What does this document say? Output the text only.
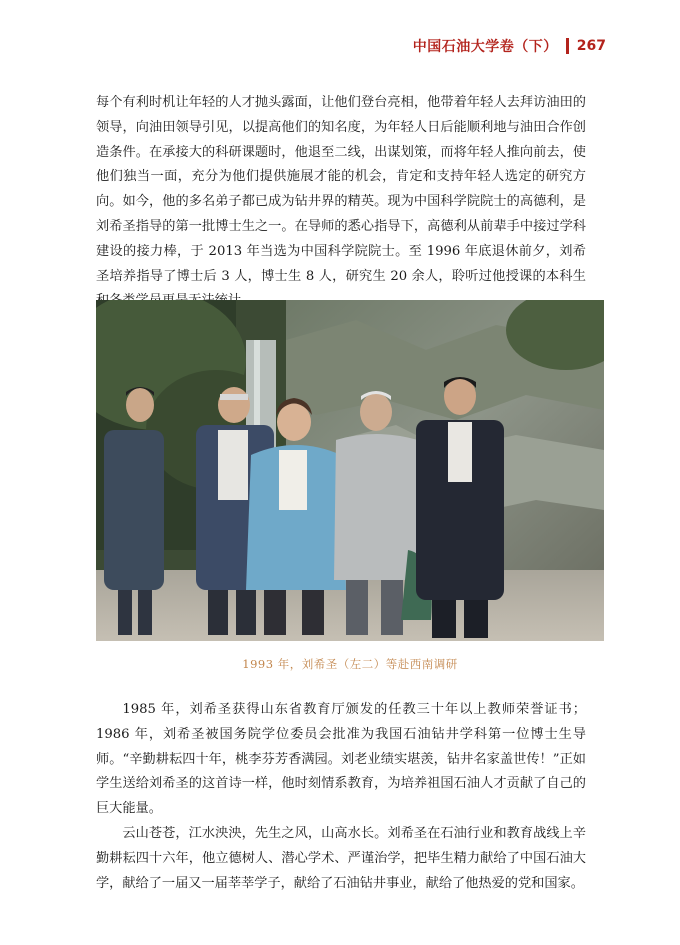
中国石油大学卷（下） 267
每个有利时机让年轻的人才抛头露面，让他们登台亮相，他带着年轻人去拜访油田的领导，向油田领导引见，以提高他们的知名度，为年轻人日后能顺利地与油田合作创造条件。在承接大的科研课题时，他退至二线，出谋划策，而将年轻人推向前去，使他们独当一面，充分为他们提供施展才能的机会，肯定和支持年轻人选定的研究方向。如今，他的多名弟子都已成为钻井界的精英。现为中国科学院院士的高德利，是刘希圣指导的第一批博士生之一。在导师的悉心指导下，高德利从前辈手中接过学科建设的接力棒，于 2013 年当选为中国科学院院士。至 1996 年底退休前夕，刘希圣培养指导了博士后 3 人，博士生 8 人，研究生 20 余人，聆听过他授课的本科生
1993 年，刘希圣（左二）等赴西南调研
1985 年，刘希圣获得山东省教育厅颁发的任教三十年以上教师荣誉证书；1986 年，刘希圣被国务院学位委员会批准为我国石油钻井学科第一位博士生导师。“辛勤耕耘四十年，桃李芬芳香满园。刘老业绩实堪羡，钻井名家盖世传！”正如学生送给刘希圣的这首诗一样，他时刻情系教育，为培养祖国石油人才贡献了自己的巨大能量。
云山苍苍，江水泱泱，先生之风，山高水长。刘希圣在石油行业和教育战线上辛勤耕耘四十六年，他立德树人、潜心学术、严谨治学，把毕生精力献给了中国石油大学，献给了一届又一届莘莘学子，献给了石油钻井事业，献给了他热爱的党和国家。
